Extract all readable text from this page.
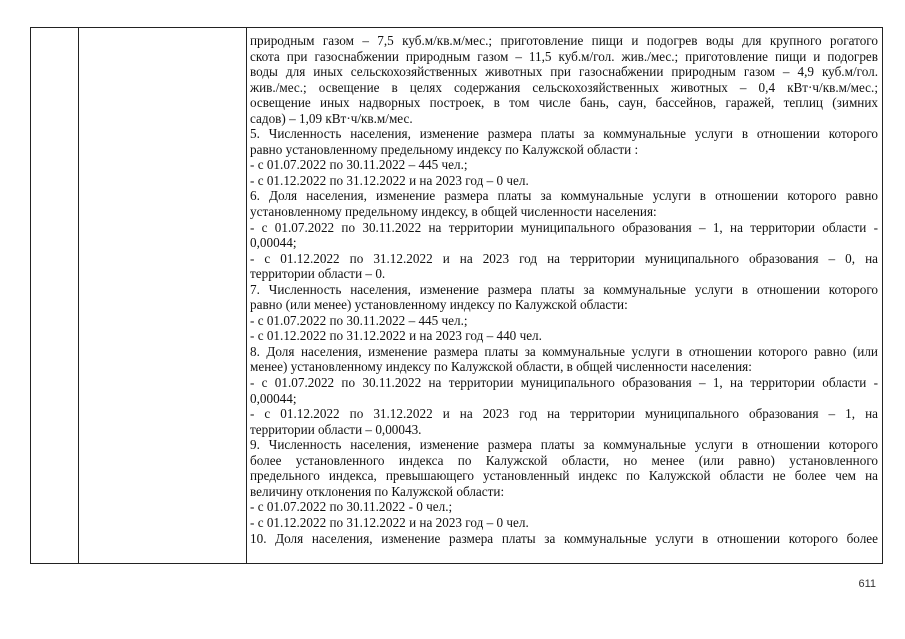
природным газом – 7,5 куб.м/кв.м/мес.; приготовление пищи и подогрев воды для крупного рогатого

скота при газоснабжении природным газом – 11,5 куб.м/гол. жив./мес.; приготовление пищи и подогрев

воды для иных сельскохозяйственных животных при газоснабжении природным газом – 4,9 куб.м/гол.

жив./мес.; освещение в целях содержания сельскохозяйственных животных – 0,4 кВт·ч/кв.м/мес.;

освещение иных надворных построек, в том числе бань, саун, бассейнов, гаражей, теплиц (зимних

садов) – 1,09 кВт·ч/кв.м/мес.

5. Численность населения, изменение размера платы за коммунальные услуги в отношении которого

равно установленному предельному индексу по Калужской области :

- с 01.07.2022 по 30.11.2022 – 445 чел.;

- с 01.12.2022 по 31.12.2022 и на 2023 год – 0 чел.

6. Доля населения, изменение размера платы за коммунальные услуги в отношении которого равно

установленному предельному индексу, в общей численности населения:

- с 01.07.2022 по 30.11.2022 на территории муниципального образования – 1, на территории области -

0,00044;

- с 01.12.2022 по 31.12.2022 и на 2023 год на территории муниципального образования – 0, на

территории области – 0.

7. Численность населения, изменение размера платы за коммунальные услуги в отношении которого

равно (или менее) установленному индексу по Калужской области:

- с 01.07.2022 по 30.11.2022 – 445 чел.;

- с 01.12.2022 по 31.12.2022 и на 2023 год – 440 чел.

8. Доля населения, изменение размера платы за коммунальные услуги в отношении которого равно (или

менее) установленному индексу по Калужской области, в общей численности населения:

- с 01.07.2022 по 30.11.2022 на территории муниципального образования – 1, на территории области -

0,00044;

- с 01.12.2022 по 31.12.2022 и на 2023 год на территории муниципального образования – 1, на

территории области – 0,00043.

9. Численность населения, изменение размера платы за коммунальные услуги в отношении которого

более установленного индекса по Калужской области, но менее (или равно) установленного

предельного индекса, превышающего установленный индекс по Калужской области не более чем на

величину отклонения по Калужской области:

- с 01.07.2022 по 30.11.2022 - 0 чел.;

- с 01.12.2022 по 31.12.2022 и на 2023 год – 0 чел.

10. Доля населения, изменение размера платы за коммунальные услуги в отношении которого более

611
